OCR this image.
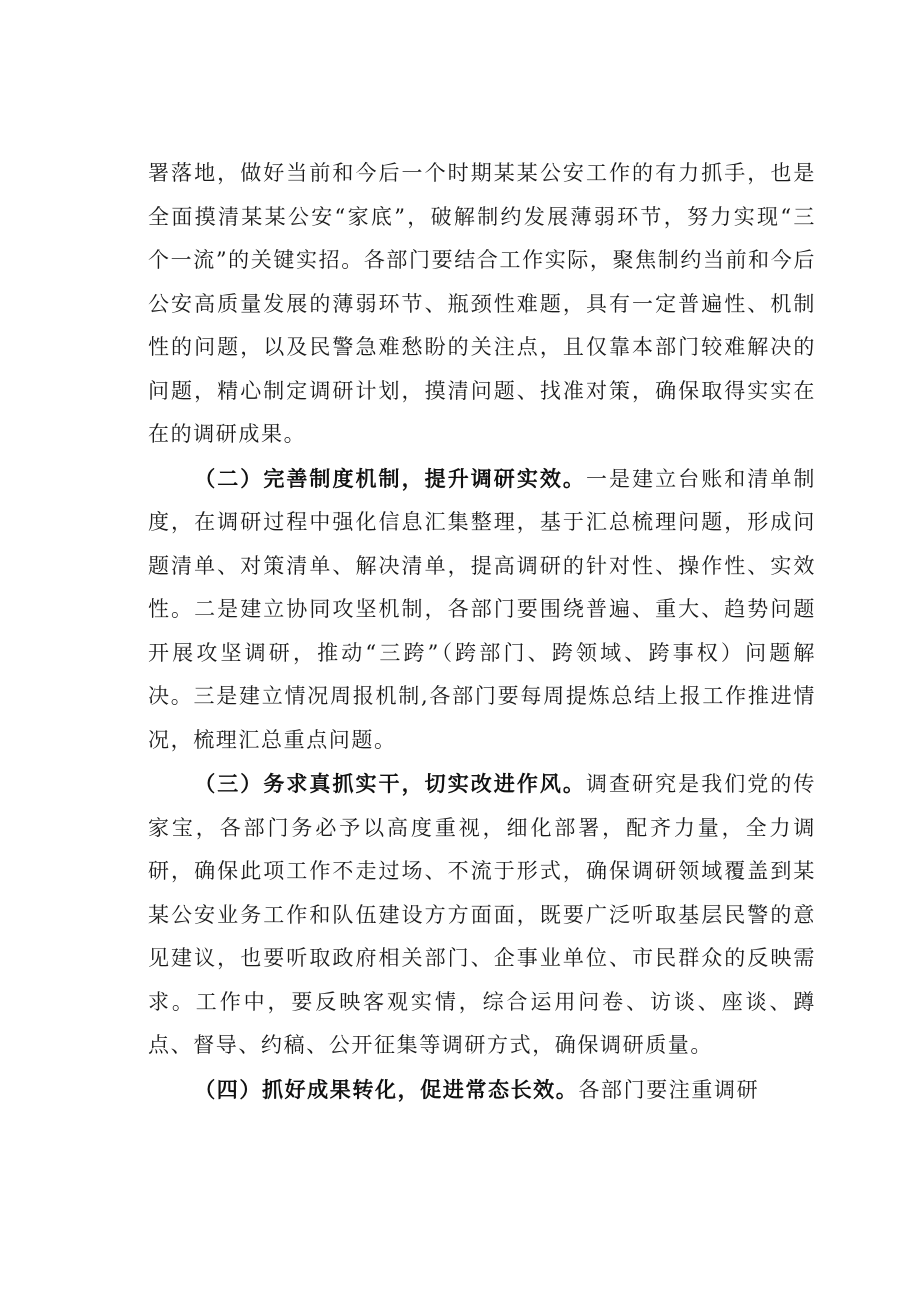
署落地，做好当前和今后一个时期某某公安工作的有力抓手，也是全面摸清某某公安“家底”，破解制约发展薄弱环节，努力实现“三个一流”的关键实招。各部门要结合工作实际，聚焦制约当前和今后公安高质量发展的薄弱环节、瓶颈性难题，具有一定普遍性、机制性的问题，以及民警急难愁盼的关注点，且仅靠本部门较难解决的问题，精心制定调研计划，摸清问题、找准对策，确保取得实实在在的调研成果。

（二）完善制度机制，提升调研实效。一是建立台账和清单制度，在调研过程中强化信息汇集整理，基于汇总梳理问题，形成问题清单、对策清单、解决清单，提高调研的针对性、操作性、实效性。二是建立协同攻坚机制，各部门要围绕普遍、重大、趋势问题开展攻坚调研，推动“三跨”（跨部门、跨领域、跨事权）问题解决。三是建立情况周报机制,各部门要每周提炼总结上报工作推进情况，梳理汇总重点问题。

（三）务求真抓实干，切实改进作风。调查研究是我们党的传家宝，各部门务必予以高度重视，细化部署，配齐力量，全力调研，确保此项工作不走过场、不流于形式，确保调研领域覆盖到某某公安业务工作和队伍建设方方面面，既要广泛听取基层民警的意见建议，也要听取政府相关部门、企事业单位、市民群众的反映需求。工作中，要反映客观实情，综合运用问卷、访谈、座谈、蹲点、督导、约稿、公开征集等调研方式，确保调研质量。

（四）抓好成果转化，促进常态长效。各部门要注重调研
